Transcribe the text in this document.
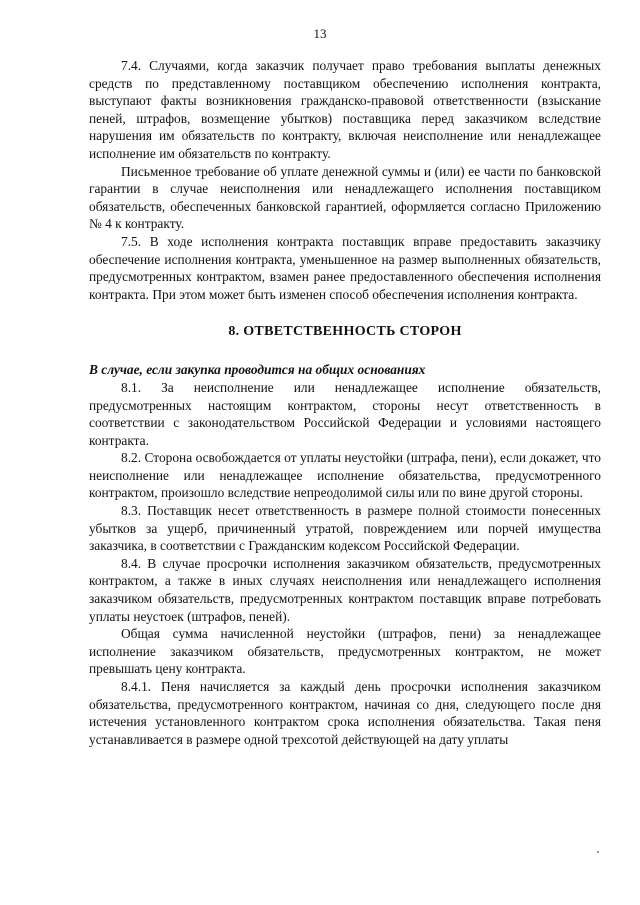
13

7.4. Случаями, когда заказчик получает право требования выплаты денежных средств по представленному поставщиком обеспечению исполнения контракта, выступают факты возникновения гражданско-правовой ответственности (взыскание пеней, штрафов, возмещение убытков) поставщика перед заказчиком вследствие нарушения им обязательств по контракту, включая неисполнение или ненадлежащее исполнение им обязательств по контракту.

Письменное требование об уплате денежной суммы и (или) ее части по банковской гарантии в случае неисполнения или ненадлежащего исполнения поставщиком обязательств, обеспеченных банковской гарантией, оформляется согласно Приложению № 4 к контракту.

7.5. В ходе исполнения контракта поставщик вправе предоставить заказчику обеспечение исполнения контракта, уменьшенное на размер выполненных обязательств, предусмотренных контрактом, взамен ранее предоставленного обеспечения исполнения контракта. При этом может быть изменен способ обеспечения исполнения контракта.

8. ОТВЕТСТВЕННОСТЬ СТОРОН

В случае, если закупка проводится на общих основаниях

8.1. За неисполнение или ненадлежащее исполнение обязательств, предусмотренных настоящим контрактом, стороны несут ответственность в соответствии с законодательством Российской Федерации и условиями настоящего контракта.

8.2. Сторона освобождается от уплаты неустойки (штрафа, пени), если докажет, что неисполнение или ненадлежащее исполнение обязательства, предусмотренного контрактом, произошло вследствие непреодолимой силы или по вине другой стороны.

8.3. Поставщик несет ответственность в размере полной стоимости понесенных убытков за ущерб, причиненный утратой, повреждением или порчей имущества заказчика, в соответствии с Гражданским кодексом Российской Федерации.

8.4. В случае просрочки исполнения заказчиком обязательств, предусмотренных контрактом, а также в иных случаях неисполнения или ненадлежащего исполнения заказчиком обязательств, предусмотренных контрактом поставщик вправе потребовать уплаты неустоек (штрафов, пеней).

Общая сумма начисленной неустойки (штрафов, пени) за ненадлежащее исполнение заказчиком обязательств, предусмотренных контрактом, не может превышать цену контракта.

8.4.1. Пеня начисляется за каждый день просрочки исполнения заказчиком обязательства, предусмотренного контрактом, начиная со дня, следующего после дня истечения установленного контрактом срока исполнения обязательства. Такая пеня устанавливается в размере одной трехсотой действующей на дату уплаты
